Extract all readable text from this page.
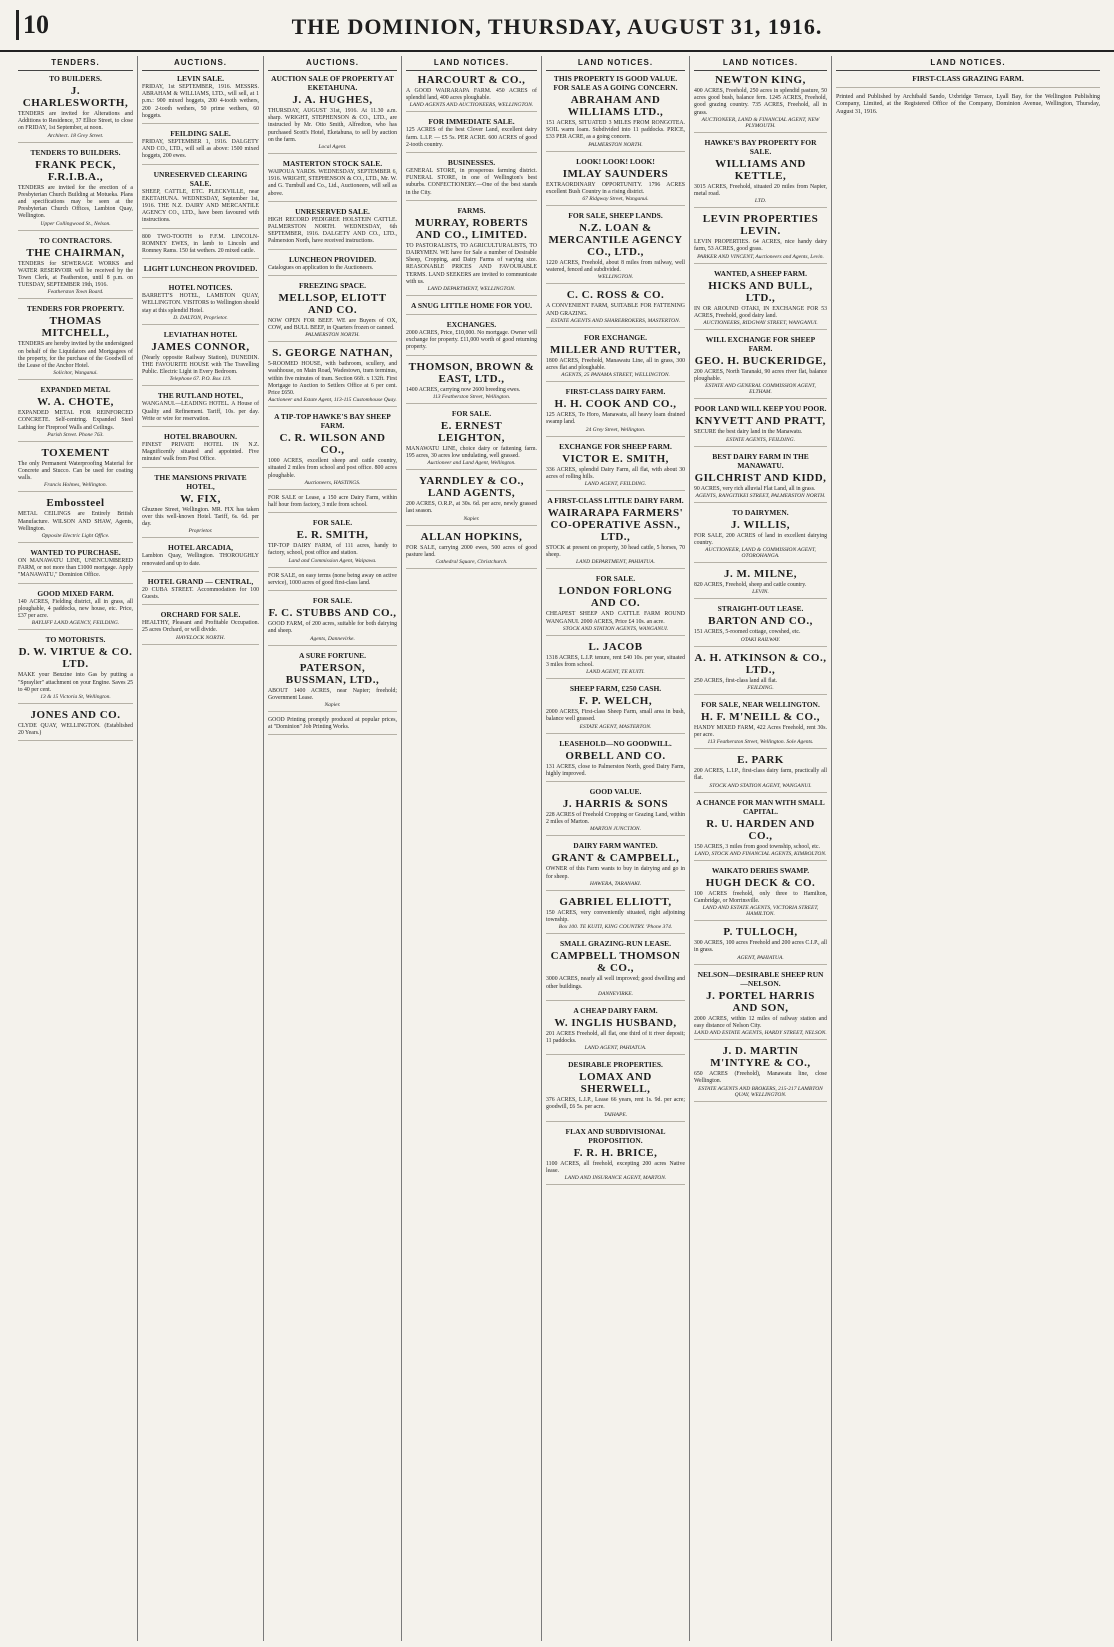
10	THE DOMINION, THURSDAY, AUGUST 31, 1916.
TENDERS.
TO BUILDERS.
J. CHARLESWORTH,
TENDERS are invited for Alterations and Additions to Residence, 37 Ellice Street, to close on FRIDAY, 1st September, at noon.
Architect. 18 Grey Street.
TENDERS TO BUILDERS.
FRANK PECK, F.R.I.B.A.,
TENDERS are invited for the erection of a Presbyterian Church Building at Motueka. Plans and specifications may be seen at the Presbyterian Church Offices, Lambton Quay, Wellington.
Upper Collingwood St., Nelson.
TO CONTRACTORS.
THE CHAIRMAN,
TENDERS for SEWERAGE WORKS and WATER RESERVOIR will be received by the Town Clerk, at Featherston, until 8 p.m. on TUESDAY, SEPTEMBER 19th, 1916.
Featherston Town Board.
TENDERS FOR PROPERTY.
THOMAS MITCHELL,
TENDERS are hereby invited by the undersigned on behalf of the Liquidators and Mortgagees of the property, for the purchase of the Goodwill of the Lease of the Anchor Hotel.
Solicitor, Wanganui.
EXPANDED METAL
W. A. CHOTE,
EXPANDED METAL FOR REINFORCED CONCRETE. Self-centring. Expanded Steel Lathing for Fireproof Walls and Ceilings.
Parish Street. Phone 763.
TOXEMENT
The only Permanent Waterproofing Material for Concrete and Stucco. Can be used for coating walls.
Francis Holmes, Wellington.
Embossteel
METAL CEILINGS are Entirely British Manufacture. WILSON AND SHAW, Agents, Wellington.
Opposite Electric Light Office.
WANTED TO PURCHASE.
ON MANAWATU LINE, UNENCUMBERED FARM, or not more than £1000 mortgage. Apply "MANAWATU," Dominion Office.
GOOD MIXED FARM.
140 ACRES, Fielding district, all in grass, all ploughable, 4 paddocks, new house, etc. Price, £37 per acre.
BAYLIFF LAND AGENCY, FEILDING.
TO MOTORISTS.
D. W. VIRTUE & CO. LTD.
MAKE your Benzine into Gas by putting a "Spraylier" attachment on your Engine. Saves 25 to 40 per cent.
13 & 15 Victoria St, Wellington.
JONES AND CO.
CLYDE QUAY, WELLINGTON. (Established 20 Years.)
AUCTIONS.
LEVIN SALE.
FRIDAY, 1st SEPTEMBER, 1916. MESSRS. ABRAHAM & WILLIAMS, LTD., will sell, at 1 p.m.: 900 mixed hoggets, 200 4-tooth wethers, 200 2-tooth wethers, 50 prime wethers, 60 hoggets.
FEILDING SALE.
FRIDAY, SEPTEMBER 1, 1916. DALGETY AND CO., LTD., will sell as above: 1500 mixed hoggets, 200 ewes.
UNRESERVED CLEARING SALE.
SHEEP, CATTLE, ETC. PLECKVILLE, near EKETAHUNA. WEDNESDAY, September 1st, 1916. THE N.Z. DAIRY AND MERCANTILE AGENCY CO., LTD., have been favoured with instructions.
800 TWO-TOOTH to F.F.M. LINCOLN-ROMNEY EWES, in lamb to Lincoln and Romney Rams. 150 fat wethers. 20 mixed cattle.
LIGHT LUNCHEON PROVIDED.
HOTEL NOTICES.
BARRETT'S HOTEL, LAMBTON QUAY, WELLINGTON. VISITORS to Wellington should stay at this splendid Hotel.
D. DALTON, Proprietor.
LEVIATHAN HOTEL
JAMES CONNOR,
(Nearly opposite Railway Station), DUNEDIN. THE FAVOURITE HOUSE with The Travelling Public. Electric Light in Every Bedroom.
Telephone 67. P.O. Box 119.
THE RUTLAND HOTEL,
WANGANUI.—LEADING HOTEL. A House of Quality and Refinement. Tariff, 10s. per day. Write or wire for reservation.
HOTEL BRABOURN.
FINEST PRIVATE HOTEL IN N.Z. Magnificently situated and appointed. Five minutes' walk from Post Office.
THE MANSIONS PRIVATE HOTEL,
W. FIX,
Ghuznee Street, Wellington. MR. FIX has taken over this well-known Hotel. Tariff, 6s. 6d. per day.
Proprietor.
HOTEL ARCADIA,
Lambton Quay, Wellington. THOROUGHLY renovated and up to date.
HOTEL GRAND — CENTRAL,
20 CUBA STREET. Accommodation for 100 Guests.
ORCHARD FOR SALE.
HEALTHY, Pleasant and Profitable Occupation. 25 acres Orchard, or will divide.
HAVELOCK NORTH.
AUCTIONS.
AUCTION SALE OF PROPERTY AT EKETAHUNA.
J. A. HUGHES,
THURSDAY, AUGUST 31st, 1916. At 11.30 a.m. sharp. WRIGHT, STEPHENSON & CO., LTD., are instructed by Mr. Otto Smith, Alfredton, who has purchased Scott's Hotel, Eketahuna, to sell by auction on the farm.
Local Agent.
MASTERTON STOCK SALE.
WAIPOUA YARDS. WEDNESDAY, SEPTEMBER 6, 1916. WRIGHT, STEPHENSON & CO., LTD., Mr. W. and G. Turnbull and Co., Ltd., Auctioneers, will sell as above.
UNRESERVED SALE.
HIGH RECORD PEDIGREE HOLSTEIN CATTLE. PALMERSTON NORTH. WEDNESDAY, 6th SEPTEMBER, 1916. DALGETY AND CO., LTD., Palmerston North, have received instructions.
LUNCHEON PROVIDED.
Catalogues on application to the Auctioneers.
FREEZING SPACE.
MELLSOP, ELIOTT AND CO.
NOW OPEN FOR BEEF. WE are Buyers of OX, COW, and BULL BEEF, in Quarters frozen or canned.
PALMERSTON NORTH.
S. GEORGE NATHAN,
5-ROOMED HOUSE, with bathroom, scullery, and washhouse, on Main Road, Wadestown, tram terminus, within five minutes of tram. Section 66ft. x 132ft. First Mortgage to Auction to Settlers Office at 6 per cent. Price £650.
Auctioneer and Estate Agent, 113-115 Customhouse Quay.
A TIP-TOP HAWKE'S BAY SHEEP FARM.
C. R. WILSON AND CO.,
1000 ACRES, excellent sheep and cattle country, situated 2 miles from school and post office. 800 acres ploughable.
Auctioneers, HASTINGS.
FOR SALE or Lease, a 150 acre Dairy Farm, within half hour from factory, 3 mile from school.
FOR SALE.
E. R. SMITH,
TIP-TOP DAIRY FARM, of 111 acres, handy to factory, school, post office and station.
Land and Commission Agent, Waipawa.
FOR SALE, on easy terms (none being away on active service), 1000 acres of good first-class land.
FOR SALE.
F. C. STUBBS AND CO.,
GOOD FARM, of 200 acres, suitable for both dairying and sheep.
Agents, Dannevirke.
A SURE FORTUNE.
PATERSON, BUSSMAN, LTD.,
ABOUT 1400 ACRES, near Napier; freehold; Government Lease.
Napier.
GOOD Printing promptly produced at popular prices, at "Dominion" Job Printing Works.
LAND NOTICES.
HARCOURT & CO.,
A GOOD WAIRARAPA FARM. 450 ACRES of splendid land, 400 acres ploughable.
LAND AGENTS AND AUCTIONEERS, WELLINGTON.
FOR IMMEDIATE SALE.
125 ACRES of the best Clover Land, excellent dairy farm. L.I.P. — £5 5s. PER ACRE. 600 ACRES of good 2-tooth country.
BUSINESSES.
GENERAL STORE, in prosperous farming district. FUNERAL STORE, in one of Wellington's best suburbs. CONFECTIONERY.—One of the best stands in the City.
FARMS.
MURRAY, ROBERTS AND CO., LIMITED.
TO PASTORALISTS, TO AGRICULTURALISTS, TO DAIRYMEN. WE have for Sale a number of Desirable Sheep, Cropping, and Dairy Farms of varying size. REASONABLE PRICES AND FAVOURABLE TERMS. LAND SEEKERS are invited to communicate with us.
LAND DEPARTMENT, WELLINGTON.
A SNUG LITTLE HOME FOR YOU.
EXCHANGES.
2000 ACRES, Price, £10,000. No mortgage. Owner will exchange for property. £11,000 worth of good returning property.
THOMSON, BROWN & EAST, LTD.,
1400 ACRES, carrying now 2600 breeding ewes.
113 Featherston Street, Wellington.
FOR SALE.
E. ERNEST LEIGHTON,
MANAWATU LINE, choice dairy or fattening farm. 195 acres, 30 acres low undulating, well grassed.
Auctioneer and Land Agent, Wellington.
YARNDLEY & CO., LAND AGENTS,
200 ACRES, O.R.P., at 30s. 6d. per acre, newly grassed last season.
Napier.
ALLAN HOPKINS,
FOR SALE, carrying 2000 ewes, 500 acres of good pasture land.
Cathedral Square, Christchurch.
LAND NOTICES.
THIS PROPERTY IS GOOD VALUE. FOR SALE AS A GOING CONCERN.
ABRAHAM AND WILLIAMS LTD.,
151 ACRES, SITUATED 3 MILES FROM RONGOTEA. SOIL warm loam. Subdivided into 11 paddocks. PRICE, £33 PER ACRE, as a going concern.
PALMERSTON NORTH.
LOOK! LOOK! LOOK!
IMLAY SAUNDERS
EXTRAORDINARY OPPORTUNITY. 1796 ACRES excellent Bush Country in a rising district.
67 Ridgway Street, Wanganui.
FOR SALE, SHEEP LANDS.
N.Z. LOAN & MERCANTILE AGENCY CO., LTD.,
1220 ACRES, Freehold, about 8 miles from railway, well watered, fenced and subdivided.
WELLINGTON.
C. C. ROSS & CO.
A CONVENIENT FARM, SUITABLE FOR FATTENING AND GRAZING.
ESTATE AGENTS AND SHAREBROKERS, MASTERTON.
FOR EXCHANGE.
MILLER AND RUTTER,
1800 ACRES, Freehold, Manawatu Line, all in grass, 300 acres flat and ploughable.
AGENTS, 25 PANAMA STREET, WELLINGTON.
FIRST-CLASS DAIRY FARM.
H. H. COOK AND CO.,
125 ACRES, To Horo, Manawatu, all heavy loam drained swamp land.
24 Grey Street, Wellington.
EXCHANGE FOR SHEEP FARM.
VICTOR E. SMITH,
336 ACRES, splendid Dairy Farm, all flat, with about 30 acres of rolling hills.
LAND AGENT, FEILDING.
A FIRST-CLASS LITTLE DAIRY FARM.
WAIRARAPA FARMERS' CO-OPERATIVE ASSN., LTD.,
STOCK at present on property, 30 head cattle, 5 horses, 70 sheep.
LAND DEPARTMENT, PAHIATUA.
FOR SALE.
LONDON FORLONG AND CO.
CHEAPEST SHEEP AND CATTLE FARM ROUND WANGANUI. 2000 ACRES, Price £4 10s. an acre.
STOCK AND STATION AGENTS, WANGANUI.
L. JACOB
1318 ACRES, L.I.P. tenure, rent £40 10s. per year, situated 3 miles from school.
LAND AGENT, TE KUITI.
SHEEP FARM, £250 CASH.
F. P. WELCH,
2000 ACRES, First-class Sheep Farm, small area in bush, balance well grassed.
ESTATE AGENT, MASTERTON.
LEASEHOLD—NO GOODWILL.
ORBELL AND CO.
131 ACRES, close to Palmerston North, good Dairy Farm, highly improved.
GOOD VALUE.
J. HARRIS & SONS
228 ACRES of Freehold Cropping or Grazing Land, within 2 miles of Marton.
MARTON JUNCTION.
DAIRY FARM WANTED.
GRANT & CAMPBELL,
OWNER of this Farm wants to buy in dairying and go in for sheep.
HAWERA, TARANAKI.
GABRIEL ELLIOTT,
150 ACRES, very conveniently situated, right adjoining township.
Box 100. TE KUITI, KING COUNTRY. 'Phone 374.
SMALL GRAZING-RUN LEASE.
CAMPBELL THOMSON & CO.,
3000 ACRES, nearly all well improved; good dwelling and other buildings.
DANNEVIRKE.
A CHEAP DAIRY FARM.
W. INGLIS HUSBAND,
201 ACRES Freehold, all flat, one third of it river deposit; 11 paddocks.
LAND AGENT, PAHIATUA.
DESIRABLE PROPERTIES.
LOMAX AND SHERWELL,
376 ACRES, L.I.P., Lease 66 years, rent 1s. 9d. per acre; goodwill, £6 5s. per acre.
TAIHAPE.
FLAX AND SUBDIVISIONAL PROPOSITION.
F. R. H. BRICE,
1100 ACRES, all freehold, excepting 200 acres Native lease.
LAND AND INSURANCE AGENT, MARTON.
LAND NOTICES.
NEWTON KING,
400 ACRES, Freehold, 250 acres in splendid pasture, 50 acres good bush, balance fern. 1245 ACRES, Freehold, good grazing country. 735 ACRES, Freehold, all in grass.
AUCTIONEER, LAND & FINANCIAL AGENT, NEW PLYMOUTH.
HAWKE'S BAY PROPERTY FOR SALE.
WILLIAMS AND KETTLE,
3015 ACRES, Freehold, situated 20 miles from Napier, metal road.
LTD.
LEVIN PROPERTIES LEVIN.
LEVIN PROPERTIES. 64 ACRES, nice handy dairy farm, 53 ACRES, good grass.
PARKER AND VINCENT, Auctioneers and Agents, Levin.
WANTED, A SHEEP FARM.
HICKS AND BULL, LTD.,
IN OR AROUND OTAKI, IN EXCHANGE FOR 53 ACRES, Freehold, good dairy land.
AUCTIONEERS, RIDGWAY STREET, WANGANUI.
WILL EXCHANGE FOR SHEEP FARM.
GEO. H. BUCKERIDGE,
200 ACRES, North Taranaki, 90 acres river flat, balance ploughable.
ESTATE AND GENERAL COMMISSION AGENT, ELTHAM.
POOR LAND WILL KEEP YOU POOR.
KNYVETT AND PRATT,
SECURE the best dairy land in the Manawatu.
ESTATE AGENTS, FEILDING.
BEST DAIRY FARM IN THE MANAWATU.
GILCHRIST AND KIDD,
90 ACRES, very rich alluvial Flat Land, all in grass.
AGENTS, RANGITIKEI STREET, PALMERSTON NORTH.
TO DAIRYMEN.
J. WILLIS,
FOR SALE, 200 ACRES of land in excellent dairying country.
AUCTIONEER, LAND & COMMISSION AGENT, OTOROHANGA.
J. M. MILNE,
820 ACRES, Freehold, sheep and cattle country.
LEVIN.
STRAIGHT-OUT LEASE.
BARTON AND CO.,
151 ACRES, 5-roomed cottage, cowshed, etc.
OTAKI RAILWAY.
A. H. ATKINSON & CO., LTD.,
250 ACRES, first-class land all flat.
FEILDING.
FOR SALE, NEAR WELLINGTON.
H. F. M'NEILL & CO.,
HANDY MIXED FARM, 422 Acres Freehold, rent 30s. per acre.
113 Featherston Street, Wellington. Sole Agents.
E. PARK
200 ACRES, L.I.P., first-class dairy farm, practically all flat.
STOCK AND STATION AGENT, WANGANUI.
A CHANCE FOR MAN WITH SMALL CAPITAL.
R. U. HARDEN AND CO.,
150 ACRES, 3 miles from good township, school, etc.
LAND, STOCK AND FINANCIAL AGENTS, KIMBOLTON.
WAIKATO DERIES SWAMP.
HUGH DECK & CO.
100 ACRES freehold, only three to Hamilton, Cambridge, or Morrinsville.
LAND AND ESTATE AGENTS, VICTORIA STREET, HAMILTON.
P. TULLOCH,
300 ACRES, 100 acres Freehold and 200 acres C.I.P., all in grass.
AGENT, PAHIATUA.
NELSON—DESIRABLE SHEEP RUN—NELSON.
J. PORTEL HARRIS AND SON,
2000 ACRES, within 12 miles of railway station and easy distance of Nelson City.
LAND AND ESTATE AGENTS, HARDY STREET, NELSON.
J. D. MARTIN M'INTYRE & CO.,
650 ACRES (Freehold), Manawatu line, close Wellington.
ESTATE AGENTS AND BROKERS, 215-217 LAMBTON QUAY, WELLINGTON.
LAND NOTICES.
FIRST-CLASS GRAZING FARM.
Printed and Published by Archibald Sando, Uxbridge Terrace, Lyall Bay, for the Wellington Publishing Company, Limited, at the Registered Office of the Company, Dominion Avenue, Wellington, Thursday, August 31, 1916.
